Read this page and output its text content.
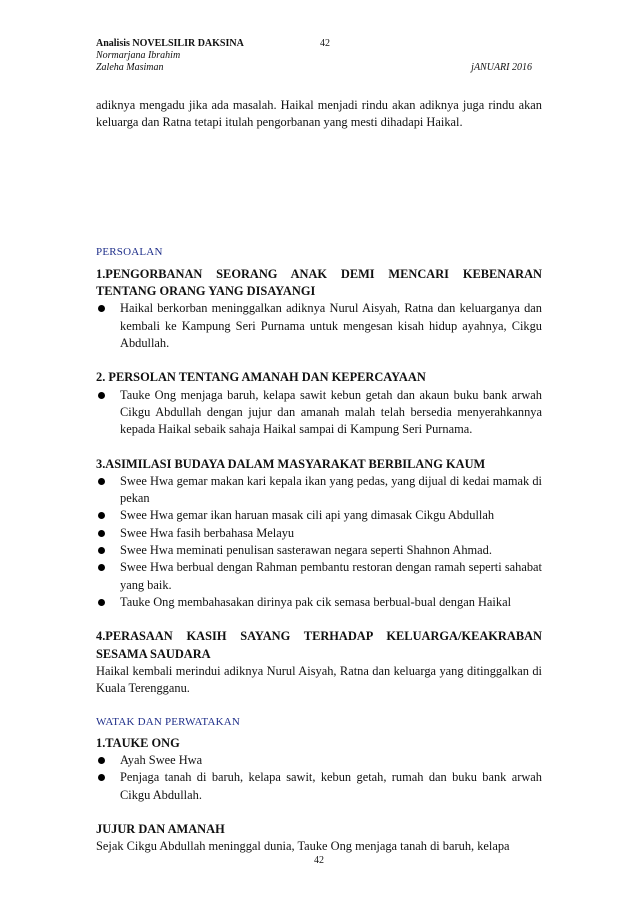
Analisis NOVELSILIR DAKSINA	42
Normarjana Ibrahim
Zaleha Masiman	jANUARI 2016

adiknya mengadu jika ada masalah. Haikal menjadi rindu akan adiknya juga rindu akan keluarga dan Ratna tetapi itulah pengorbanan yang mesti dihadapi Haikal.

PERSOALAN

1.PENGORBANAN SEORANG ANAK DEMI MENCARI KEBENARAN TENTANG ORANG YANG DISAYANGI

Haikal berkorban meninggalkan adiknya Nurul Aisyah, Ratna dan keluarganya dan kembali ke Kampung Seri Purnama untuk mengesan kisah hidup ayahnya, Cikgu Abdullah.

2. PERSOLAN TENTANG AMANAH DAN KEPERCAYAAN

Tauke Ong menjaga baruh, kelapa sawit kebun getah dan akaun buku bank arwah Cikgu Abdullah dengan jujur dan amanah malah telah bersedia menyerahkannya kepada Haikal sebaik sahaja Haikal sampai di Kampung Seri Purnama.

3.ASIMILASI BUDAYA DALAM MASYARAKAT BERBILANG KAUM

Swee Hwa gemar makan kari kepala ikan yang pedas, yang dijual di kedai mamak di pekan
Swee Hwa gemar ikan haruan masak cili api yang dimasak Cikgu Abdullah
Swee Hwa fasih berbahasa Melayu
Swee Hwa meminati penulisan sasterawan negara seperti Shahnon Ahmad.
Swee Hwa berbual dengan Rahman pembantu restoran dengan ramah seperti sahabat yang baik.
Tauke Ong membahasakan dirinya pak cik semasa berbual-bual dengan Haikal

4.PERASAAN KASIH SAYANG TERHADAP KELUARGA/KEAKRABAN SESAMA SAUDARA

Haikal kembali merindui adiknya Nurul Aisyah, Ratna dan keluarga yang ditinggalkan di Kuala Terengganu.

WATAK DAN PERWATAKAN

1.TAUKE ONG

Ayah Swee Hwa
Penjaga tanah di baruh, kelapa sawit, kebun getah, rumah dan buku bank arwah Cikgu Abdullah.

JUJUR DAN AMANAH

Sejak Cikgu Abdullah meninggal dunia, Tauke Ong menjaga tanah di baruh, kelapa

42
